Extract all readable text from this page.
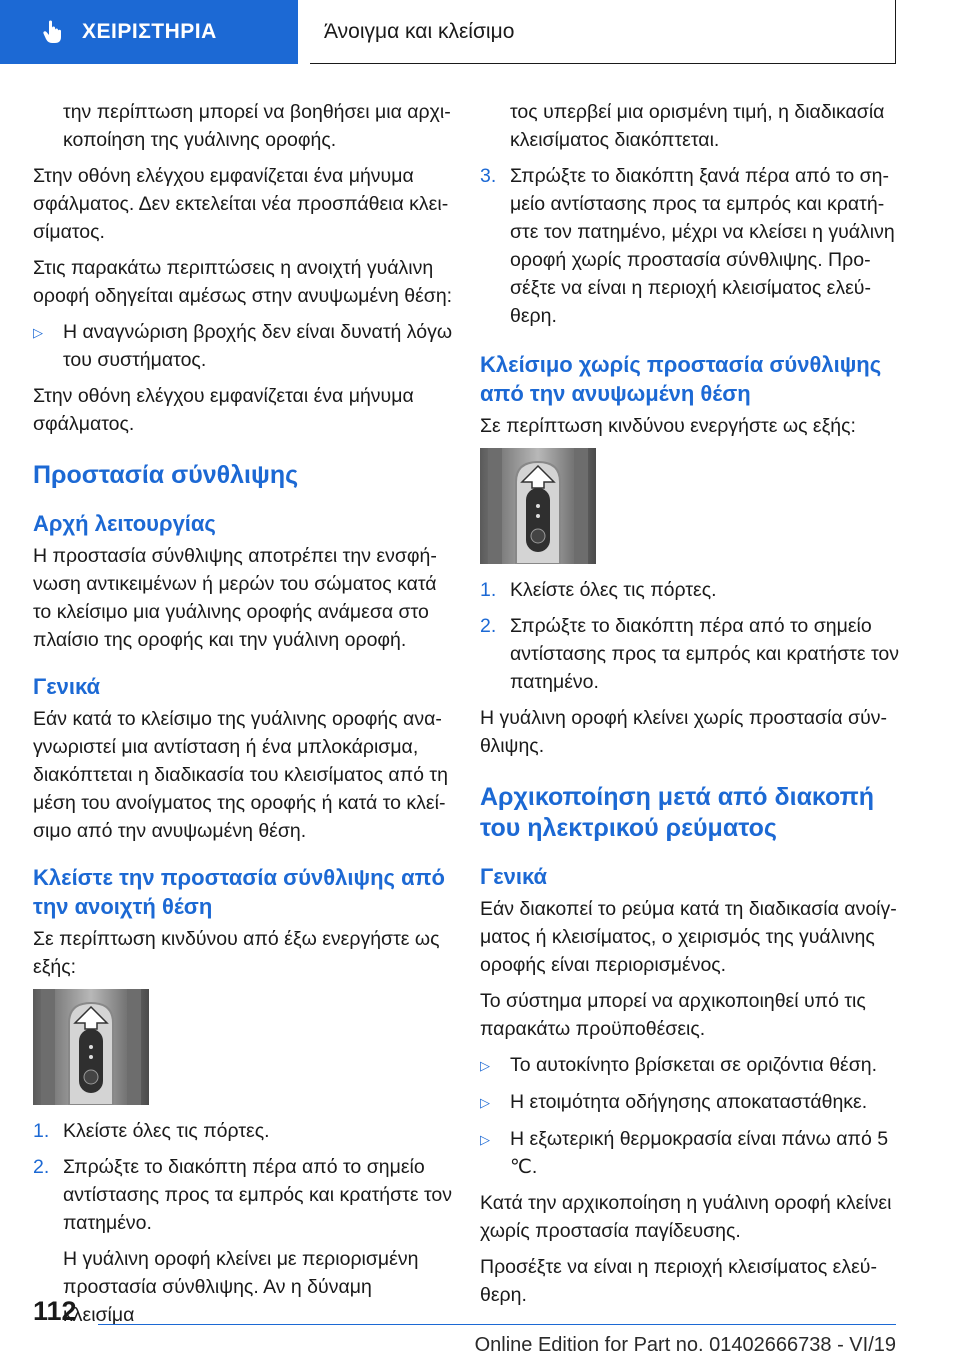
ΧΕΙΡΙΣΤΗΡΙΑ	Άνοιγμα και κλείσιμο

την περίπτωση μπορεί να βοηθήσει μια αρχικοποίηση της γυάλινης οροφής.

Στην οθόνη ελέγχου εμφανίζεται ένα μήνυμα σφάλματος. Δεν εκτελείται νέα προσπάθεια κλεισίματος.

Στις παρακάτω περιπτώσεις η ανοιχτή γυάλινη οροφή οδηγείται αμέσως στην ανυψωμένη θέση:

▷	Η αναγνώριση βροχής δεν είναι δυνατή λόγω του συστήματος.

Στην οθόνη ελέγχου εμφανίζεται ένα μήνυμα σφάλματος.

Προστασία σύνθλιψης
Αρχή λειτουργίας

Η προστασία σύνθλιψης αποτρέπει την ενσφήνωση αντικειμένων ή μερών του σώματος κατά το κλείσιμο μια γυάλινης οροφής ανάμεσα στο πλαίσιο της οροφής και την γυάλινη οροφή.

Γενικά

Εάν κατά το κλείσιμο της γυάλινης οροφής αναγνωριστεί μια αντίσταση ή ένα μπλοκάρισμα, διακόπτεται η διαδικασία του κλεισίματος από τη μέση του ανοίγματος της οροφής ή κατά το κλείσιμο από την ανυψωμένη θέση.

Κλείστε την προστασία σύνθλιψης από την ανοιχτή θέση

Σε περίπτωση κινδύνου από έξω ενεργήστε ως εξής:

1. Κλείστε όλες τις πόρτες.
2. Σπρώξτε το διακόπτη πέρα από το σημείο αντίστασης προς τα εμπρός και κρατήστε τον πατημένο.

Η γυάλινη οροφή κλείνει με περιορισμένη προστασία σύνθλιψης. Αν η δύναμη κλεισίμα

τος υπερβεί μια ορισμένη τιμή, η διαδικασία κλεισίματος διακόπτεται.

3. Σπρώξτε το διακόπτη ξανά πέρα από το σημείο αντίστασης προς τα εμπρός και κρατήστε τον πατημένο, μέχρι να κλείσει η γυάλινη οροφή χωρίς προστασία σύνθλιψης. Προσέξτε να είναι η περιοχή κλεισίματος ελεύθερη.
Κλείσιμο χωρίς προστασία σύνθλιψης από την ανυψωμένη θέση

Σε περίπτωση κινδύνου ενεργήστε ως εξής:

1. Κλείστε όλες τις πόρτες.
2. Σπρώξτε το διακόπτη πέρα από το σημείο αντίστασης προς τα εμπρός και κρατήστε τον πατημένο.

Η γυάλινη οροφή κλείνει χωρίς προστασία σύνθλιψης.

Αρχικοποίηση μετά από διακοπή του ηλεκτρικού ρεύματος
Γενικά

Εάν διακοπεί το ρεύμα κατά τη διαδικασία ανοίγματος ή κλεισίματος, ο χειρισμός της γυάλινης οροφής είναι περιορισμένος.

Το σύστημα μπορεί να αρχικοποιηθεί υπό τις παρακάτω προϋποθέσεις.

▷	Το αυτοκίνητο βρίσκεται σε οριζόντια θέση.
▷	Η ετοιμότητα οδήγησης αποκαταστάθηκε.
▷	Η εξωτερική θερμοκρασία είναι πάνω από 5 ℃.

Κατά την αρχικοποίηση η γυάλινη οροφή κλείνει χωρίς προστασία παγίδευσης.

Προσέξτε να είναι η περιοχή κλεισίματος ελεύθερη.

112
Online Edition for Part no. 01402666738 - VI/19
